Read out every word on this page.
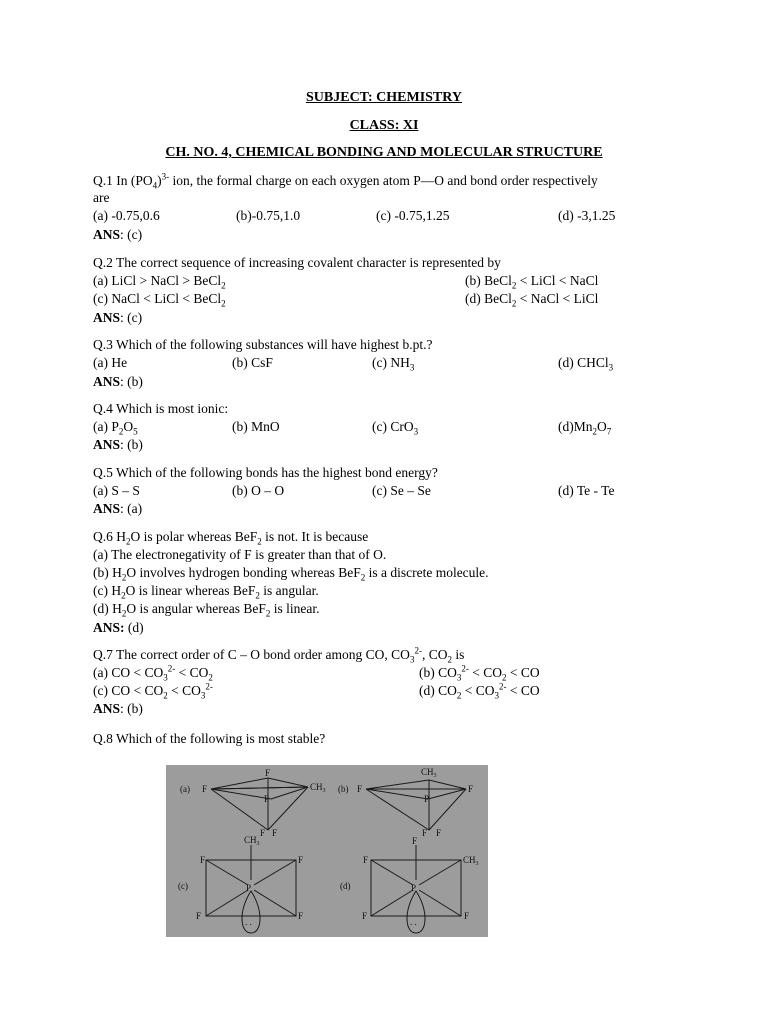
SUBJECT: CHEMISTRY
CLASS: XI
CH. NO. 4, CHEMICAL BONDING AND MOLECULAR STRUCTURE
Q.1 In $(PO_4)^{3-}$ ion, the formal charge on each oxygen atom P—O and bond order respectively
are
(a) -0.75,0.6	(b)-0.75,1.0	(c) -0.75,1.25	(d) -3,1.25
ANS: (c)
Q.2 The correct sequence of increasing covalent character is represented by
(a) LiCl > NaCl > BeCl$_2$	(b) BeCl$_2$ < LiCl < NaCl
(c) NaCl < LiCl < BeCl$_2$	(d) BeCl$_2$ < NaCl < LiCl
ANS: (c)
Q.3 Which of the following substances will have highest b.pt.?
(a) He	(b) CsF	(c) $NH_3$	(d) CHCl$_3$
ANS: (b)
Q.4 Which is most ionic:
(a) $P_2O_5$	(b) MnO	(c) CrO$_3$	$(d)Mn_2O_7$
ANS: (b)
Q.5 Which of the following bonds has the highest bond energy?
(a) S – S	(b) O – O	(c) Se – Se	(d) Te - Te
ANS: (a)
Q.6 $H_2O$ is polar whereas BeF$_2$ is not. It is because
(a) The electronegativity of F is greater than that of O.
(b) $H_2O$ involves hydrogen bonding whereas BeF$_2$ is a discrete molecule.
(c) $H_2O$ is linear whereas BeF$_2$ is angular.
(d) $H_2O$ is angular whereas BeF$_2$ is linear.
ANS: (d)
Q.7 The correct order of C – O bond order among CO, $CO_3^{2-}$, $CO_2$ is
(a) CO < $CO_3^{2-} < CO_2$	(b) $CO_3^{2-} < CO_2$ < CO
(c) CO < $CO_2 < CO_3^{2-}$	(d) $CO_2 < CO_3^{2-}$ < CO
ANS: (b)
Q.8 Which of the following is most stable?
(a) F
F
P
$CH_3$
F F
(b) F
$CH_3$
P
F
F F
$CH_3$
F	F
(c)	P
F	F
. .
F
F
$CH_3$
(d)	P
F	F
. .
